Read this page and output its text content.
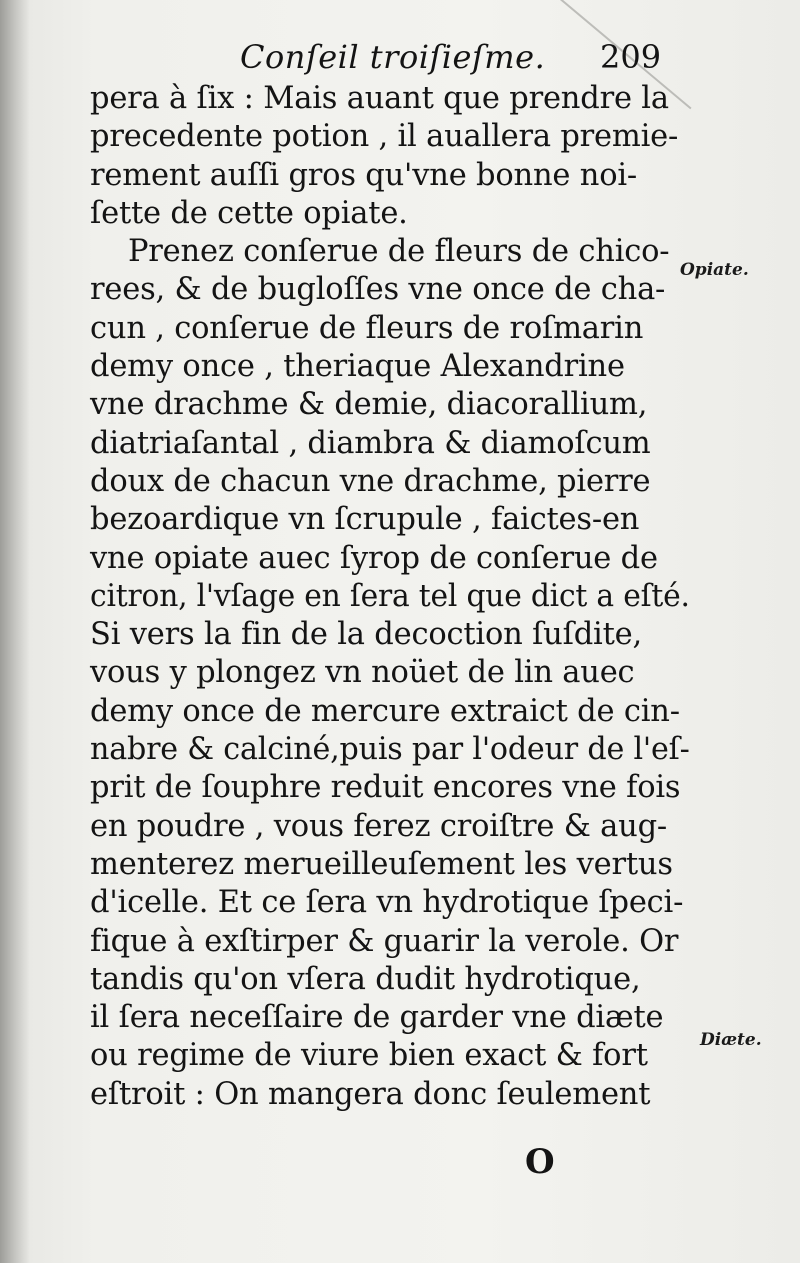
Conſeil troiſieſme. 209
pera à ſix : Mais auant que prendre la
precedente potion , il auallera premie-
rement auſſi gros qu'vne bonne noi-
ſette de cette opiate.
Prenez conſerue de fleurs de chico-
rees, & de bugloſſes vne once de cha-
cun , conſerue de fleurs de roſmarin
demy once , theriaque Alexandrine
vne drachme & demie, diacorallium,
diatriaſantal , diambra & diamoſcum
doux de chacun vne drachme, pierre
bezoardique vn ſcrupule , faictes-en
vne opiate auec ſyrop de conſerue de
citron, l'vſage en ſera tel que dict a eſté.
Si vers la fin de la decoction ſuſdite,
vous y plongez vn noüet de lin auec
demy once de mercure extraict de cin-
nabre & calciné,puis par l'odeur de l'eſ-
prit de ſouphre reduit encores vne fois
en poudre , vous ferez croiſtre & aug-
menterez merueilleuſement les vertus
d'icelle. Et ce ſera vn hydrotique ſpeci-
fique à exſtirper & guarir la verole. Or
tandis qu'on vſera dudit hydrotique,
il ſera neceſſaire de garder vne diæte
ou regime de viure bien exact & fort
eſtroit : On mangera donc ſeulement
Opiate.
Diæte.
O
